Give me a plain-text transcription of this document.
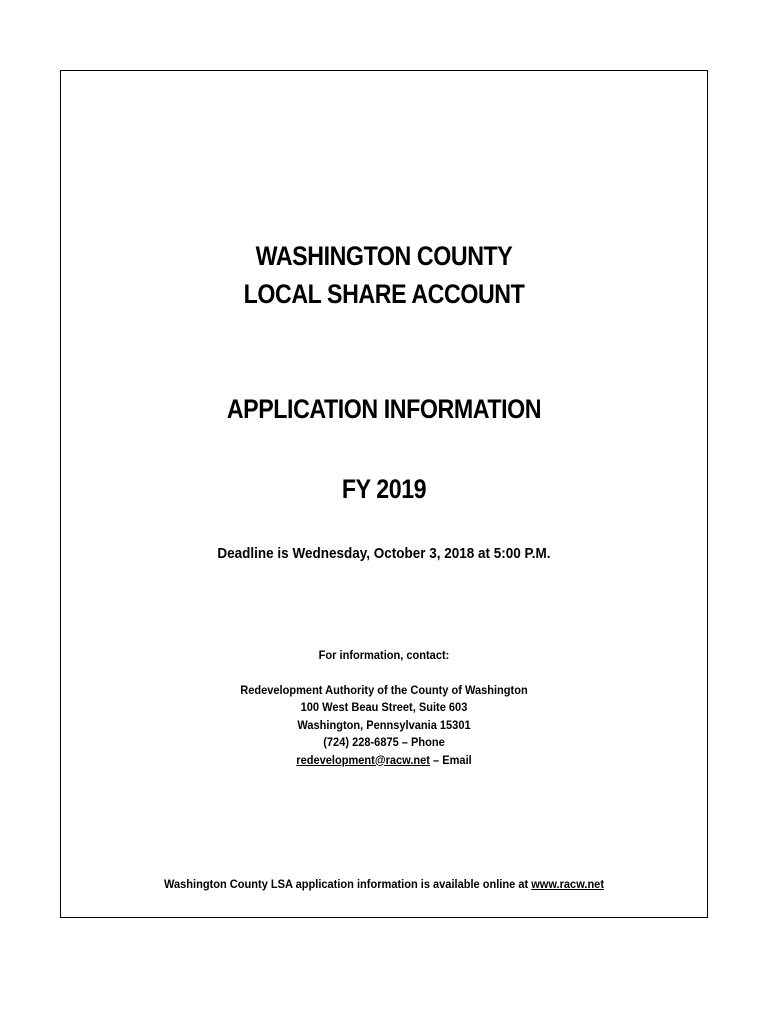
WASHINGTON COUNTY
LOCAL SHARE ACCOUNT
APPLICATION INFORMATION
FY 2019
Deadline is Wednesday, October 3, 2018 at 5:00 P.M.
For information, contact:
Redevelopment Authority of the County of Washington
100 West Beau Street, Suite 603
Washington, Pennsylvania 15301
(724) 228-6875 – Phone
redevelopment@racw.net – Email
Washington County LSA application information is available online at www.racw.net
